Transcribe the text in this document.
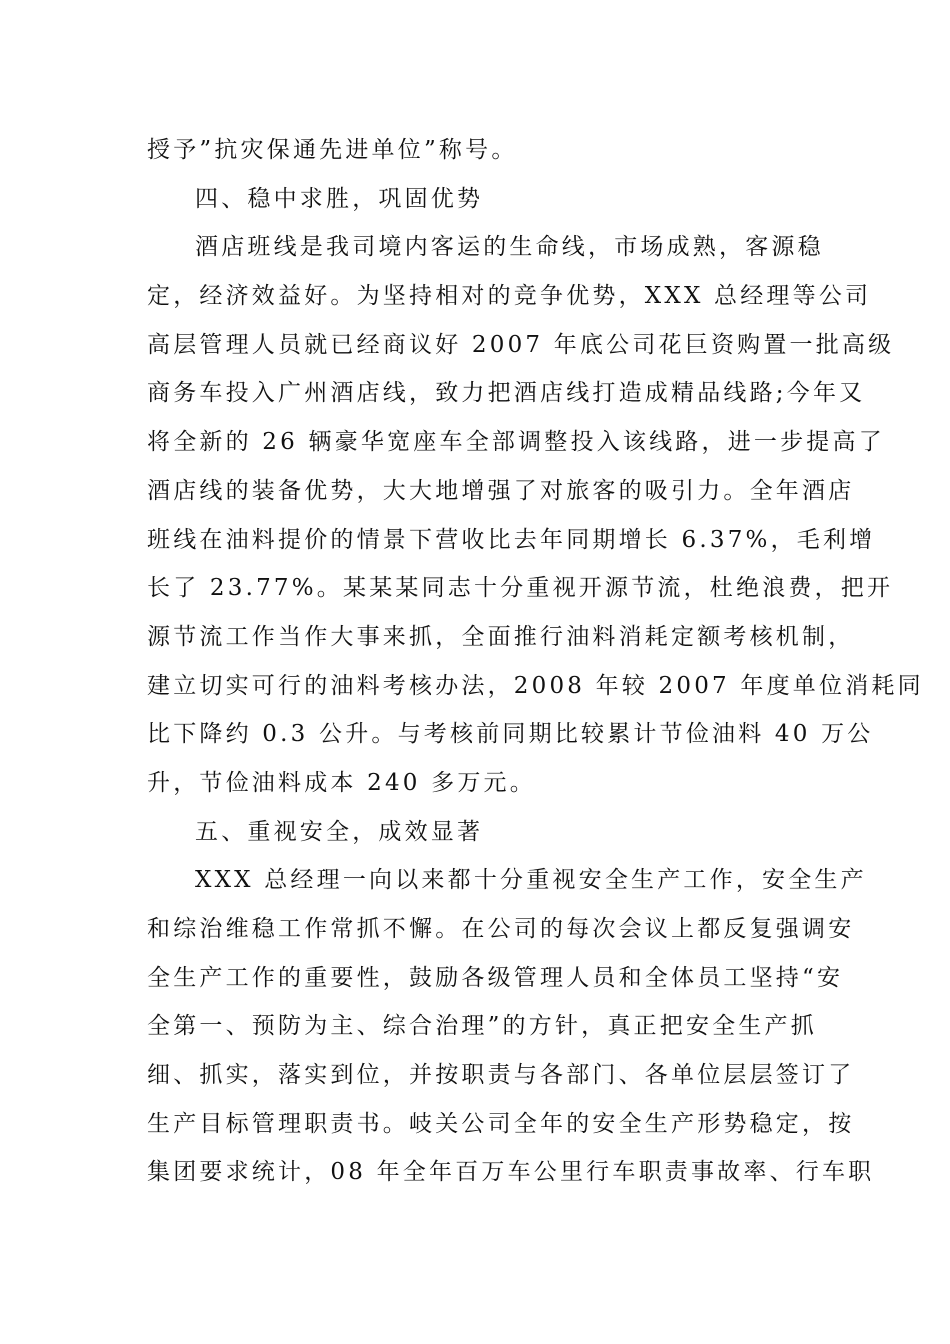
授予”抗灾保通先进单位”称号。
四、稳中求胜，巩固优势
酒店班线是我司境内客运的生命线，市场成熟，客源稳
定，经济效益好。为坚持相对的竞争优势，XXX 总经理等公司
高层管理人员就已经商议好 2007 年底公司花巨资购置一批高级
商务车投入广州酒店线，致力把酒店线打造成精品线路;今年又
将全新的 26 辆豪华宽座车全部调整投入该线路，进一步提高了
酒店线的装备优势，大大地增强了对旅客的吸引力。全年酒店
班线在油料提价的情景下营收比去年同期增长 6.37%，毛利增
长了 23.77%。某某某同志十分重视开源节流，杜绝浪费，把开
源节流工作当作大事来抓，全面推行油料消耗定额考核机制，
建立切实可行的油料考核办法，2008 年较 2007 年度单位消耗同
比下降约 0.3 公升。与考核前同期比较累计节俭油料 40 万公
升，节俭油料成本 240 多万元。
五、重视安全，成效显著
XXX 总经理一向以来都十分重视安全生产工作，安全生产
和综治维稳工作常抓不懈。在公司的每次会议上都反复强调安
全生产工作的重要性，鼓励各级管理人员和全体员工坚持“安
全第一、预防为主、综合治理”的方针，真正把安全生产抓
细、抓实，落实到位，并按职责与各部门、各单位层层签订了
生产目标管理职责书。岐关公司全年的安全生产形势稳定，按
集团要求统计，08 年全年百万车公里行车职责事故率、行车职
